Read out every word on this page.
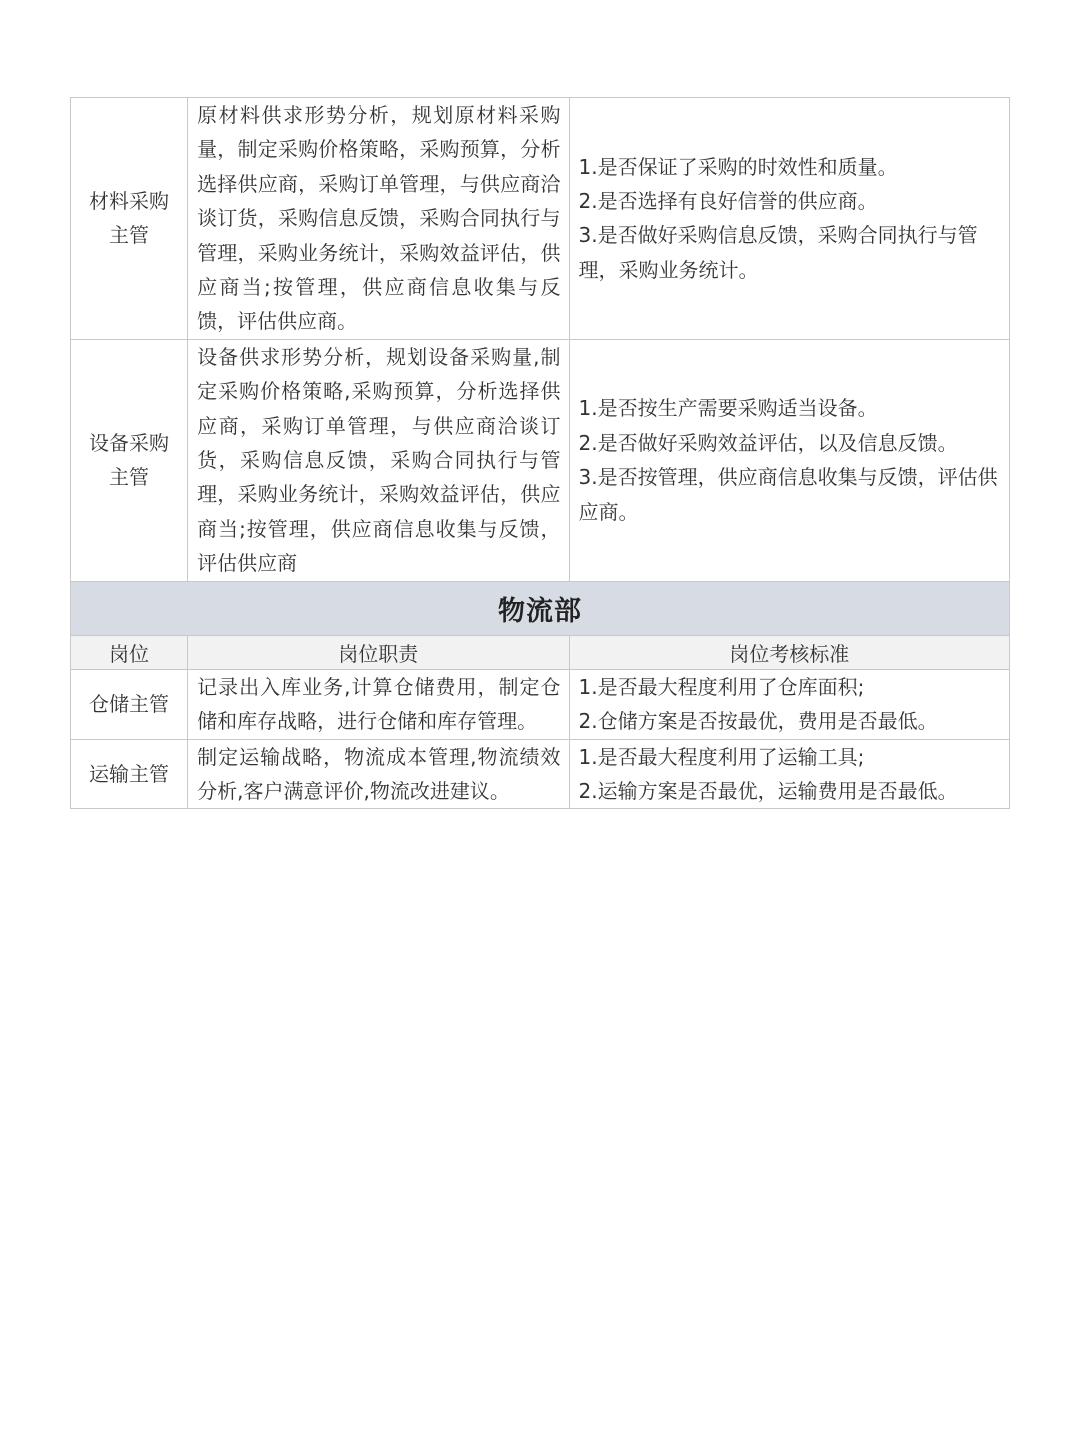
材料采购
主管	原材料供求形势分析，规划原材料采购量，制定采购价格策略，采购预算，分析选择供应商，采购订单管理，与供应商洽谈订货，采购信息反馈，采购合同执行与管理，采购业务统计，采购效益评估，供应商当;按管理，供应商信息收集与反馈，评估供应商。	1.是否保证了采购的时效性和质量。
2.是否选择有良好信誉的供应商。
3.是否做好采购信息反馈，采购合同执行与管理，采购业务统计。

设备采购
主管	设备供求形势分析，规划设备采购量,制定采购价格策略,采购预算，分析选择供应商，采购订单管理，与供应商洽谈订货，采购信息反馈，采购合同执行与管理，采购业务统计，采购效益评估，供应商当;按管理，供应商信息收集与反馈，评估供应商	1.是否按生产需要采购适当设备。
2.是否做好采购效益评估，以及信息反馈。
3.是否按管理，供应商信息收集与反馈，评估供应商。

物流部		
岗位	岗位职责	岗位考核标准

仓储主管	记录出入库业务,计算仓储费用，制定仓储和库存战略，进行仓储和库存管理。	1.是否最大程度利用了仓库面积;
2.仓储方案是否按最优，费用是否最低。

运输主管	制定运输战略，物流成本管理,物流绩效分析,客户满意评价,物流改进建议。	1.是否最大程度利用了运输工具;
2.运输方案是否最优，运输费用是否最低。
